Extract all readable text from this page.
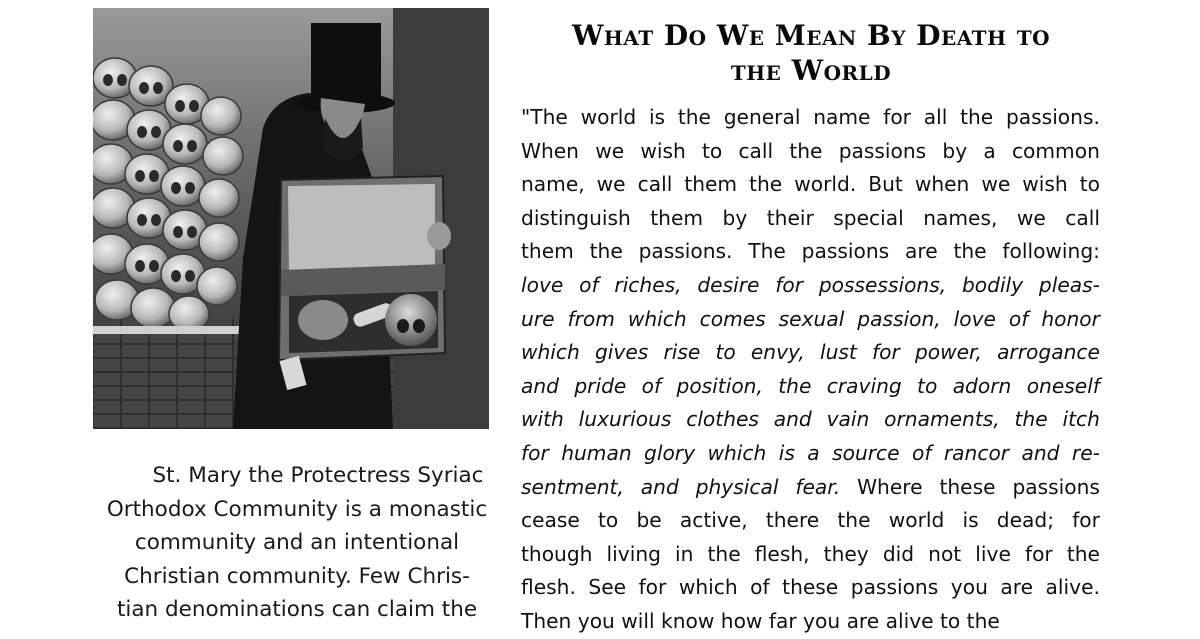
St. Mary the Protectress Syriac
Orthodox Community is a monastic
community and an intentional
Christian community. Few Chris-
tian denominations can claim the
What Do We Mean By Death to
the World
"The world is the general name for all the passions.
When we wish to call the passions by a common
name, we call them the world. But when we wish to
distinguish them by their special names, we call
them the passions. The passions are the following:
love of riches, desire for possessions, bodily pleas-
ure from which comes sexual passion, love of honor
which gives rise to envy, lust for power, arrogance
and pride of position, the craving to adorn oneself
with luxurious clothes and vain ornaments, the itch
for human glory which is a source of rancor and re-
sentment, and physical fear. Where these passions
cease to be active, there the world is dead; for
though living in the flesh, they did not live for the
flesh. See for which of these passions you are alive.
Then you will know how far you are alive to the
